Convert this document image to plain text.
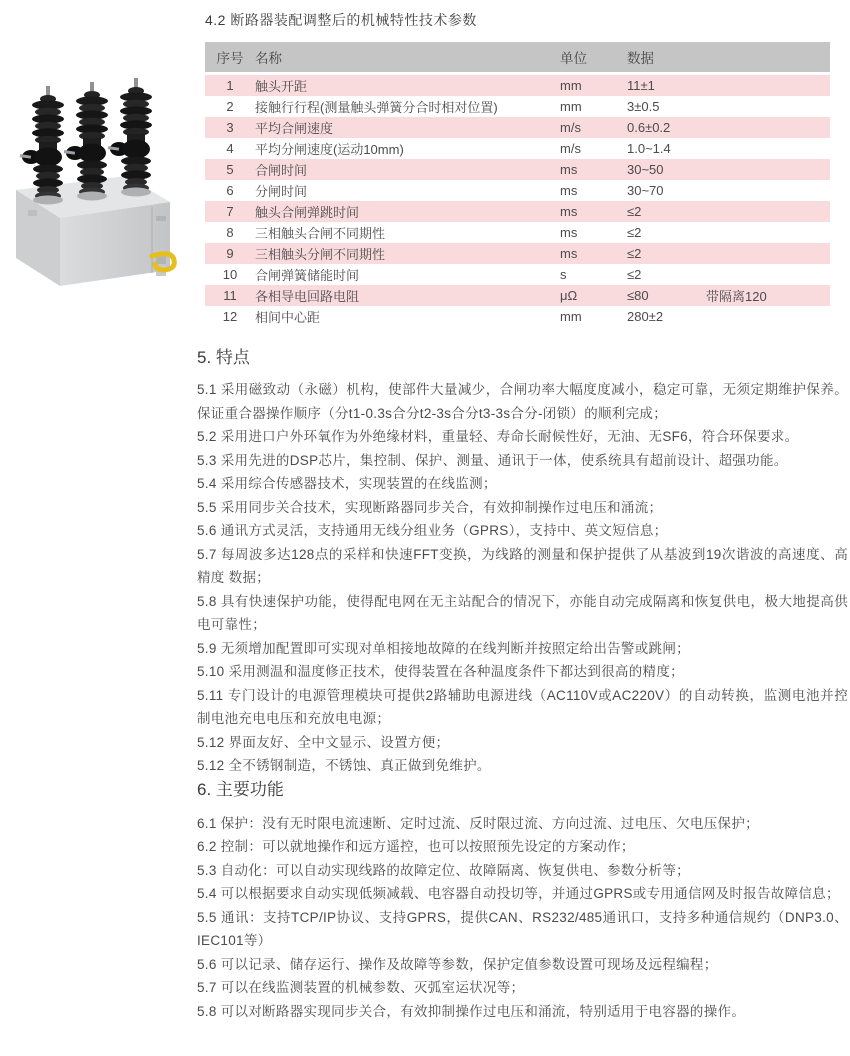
4.2 断路器装配调整后的机械特性技术参数
序号	名称	单位	数据	
1	触头开距	mm	11±1	
2	接触行行程(测量触头弹簧分合时相对位置)	mm	3±0.5	
3	平均合闸速度	m/s	0.6±0.2	
4	平均分闸速度(运动10mm)	m/s	1.0~1.4	
5	合闸时间	ms	30~50	
6	分闸时间	ms	30~70	
7	触头合闸弹跳时间	ms	≤2	
8	三相触头合闸不同期性	ms	≤2	
9	三相触头分闸不同期性	ms	≤2	
10	合闸弹簧储能时间	s	≤2	
11	各相导电回路电阻	μΩ	≤80	带隔离120
12	相间中心距	mm	280±2	
5. 特点

5.1 采用磁致动（永磁）机构，使部件大量减少，合闸功率大幅度度减小，稳定可靠，无须定期维护保养。保证重合器操作顺序（分t1-0.3s合分t2-3s合分t3-3s合分-闭锁）的顺利完成；

5.2 采用进口户外环氧作为外绝缘材料，重量轻、寿命长耐候性好，无油、无SF6，符合环保要求。

5.3 采用先进的DSP芯片，集控制、保护、测量、通讯于一体，使系统具有超前设计、超强功能。

5.4 采用综合传感器技术，实现装置的在线监测；

5.5 采用同步关合技术，实现断路器同步关合，有效抑制操作过电压和涌流；

5.6 通讯方式灵活，支持通用无线分组业务（GPRS），支持中、英文短信息；

5.7 每周波多达128点的采样和快速FFT变换，为线路的测量和保护提供了从基波到19次谐波的高速度、高精度 数据；

5.8 具有快速保护功能，使得配电网在无主站配合的情况下，亦能自动完成隔离和恢复供电，极大地提高供电可靠性；

5.9 无须增加配置即可实现对单相接地故障的在线判断并按照定给出告警或跳闸；

5.10 采用测温和温度修正技术，使得装置在各种温度条件下都达到很高的精度；

5.11 专门设计的电源管理模块可提供2路辅助电源进线（AC110V或AC220V）的自动转换，监测电池并控制电池充电电压和充放电电源；

5.12 界面友好、全中文显示、设置方便；

5.12 全不锈钢制造，不锈蚀、真正做到免维护。

6. 主要功能

6.1 保护：没有无时限电流速断、定时过流、反时限过流、方向过流、过电压、欠电压保护；

6.2 控制：可以就地操作和远方遥控，也可以按照预先设定的方案动作；

5.3 自动化：可以自动实现线路的故障定位、故障隔离、恢复供电、参数分析等；

5.4 可以根据要求自动实现低频减载、电容器自动投切等，并通过GPRS或专用通信网及时报告故障信息；

5.5 通讯：支持TCP/IP协议、支持GPRS，提供CAN、RS232/485通讯口，支持多种通信规约（DNP3.0、IEC101等）

5.6 可以记录、储存运行、操作及故障等参数，保护定值参数设置可现场及远程编程；

5.7 可以在线监测装置的机械参数、灭弧室运状况等；

5.8 可以对断路器实现同步关合，有效抑制操作过电压和涌流，特别适用于电容器的操作。
